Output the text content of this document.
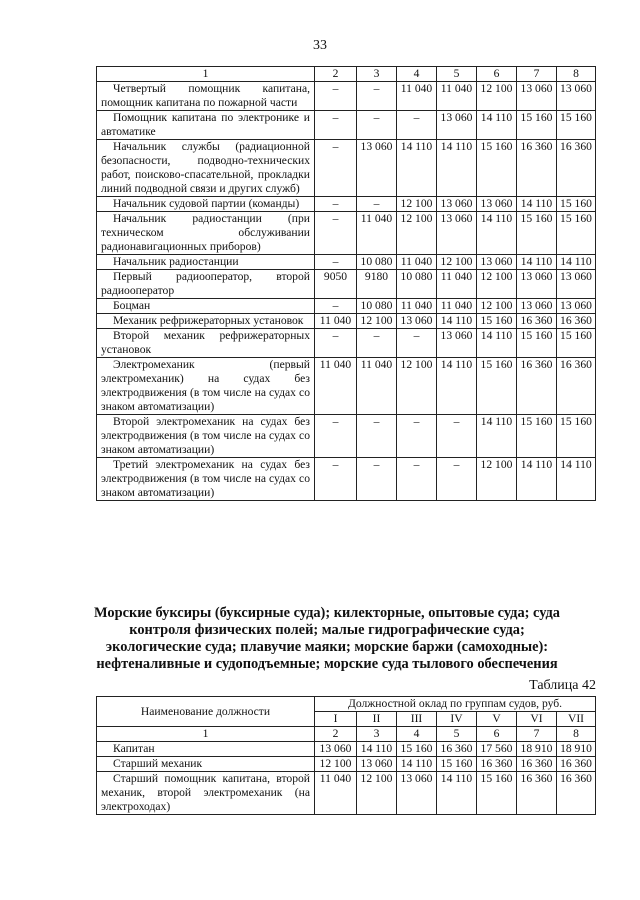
33
1	2	3	4	5	6	7	8
Четвертый помощник капитана, помощник капитана по пожарной части	–	–	11 040	11 040	12 100	13 060	13 060
Помощник капитана по электронике и автоматике	–	–	–	13 060	14 110	15 160	15 160
Начальник службы (радиационной безопасности, подводно-технических работ, поисково-спасательной, прокладки линий подводной связи и других служб)	–	13 060	14 110	14 110	15 160	16 360	16 360
Начальник судовой партии (команды)	–	–	12 100	13 060	13 060	14 110	15 160
Начальник радиостанции (при техническом обслуживании радионавигационных приборов)	–	11 040	12 100	13 060	14 110	15 160	15 160
Начальник радиостанции	–	10 080	11 040	12 100	13 060	14 110	14 110
Первый радиооператор, второй радиооператор	9050	9180	10 080	11 040	12 100	13 060	13 060
Боцман	–	10 080	11 040	11 040	12 100	13 060	13 060
Механик рефрижераторных установок	11 040	12 100	13 060	14 110	15 160	16 360	16 360
Второй механик рефрижераторных установок	–	–	–	13 060	14 110	15 160	15 160
Электромеханик (первый электромеханик) на судах без электродвижения (в том числе на судах со знаком автоматизации)	11 040	11 040	12 100	14 110	15 160	16 360	16 360
Второй электромеханик на судах без электродвижения (в том числе на судах со знаком автоматизации)	–	–	–	–	14 110	15 160	15 160
Третий электромеханик на судах без электродвижения (в том числе на судах со знаком автоматизации)	–	–	–	–	12 100	14 110	14 110
Морские буксиры (буксирные суда); килекторные, опытовые суда; суда контроля физических полей; малые гидрографические суда; экологические суда; плавучие маяки; морские баржи (самоходные): нефтеналивные и судоподъемные; морские суда тылового обеспечения
Таблица 42
Наименование должности	Должностной оклад по группам судов, руб.						
	I	II	III	IV	V	VI	VII
1	2	3	4	5	6	7	8
Капитан	13 060	14 110	15 160	16 360	17 560	18 910	18 910
Старший механик	12 100	13 060	14 110	15 160	16 360	16 360	16 360
Старший помощник капитана, второй механик, второй электромеханик (на электроходах)	11 040	12 100	13 060	14 110	15 160	16 360	16 360
